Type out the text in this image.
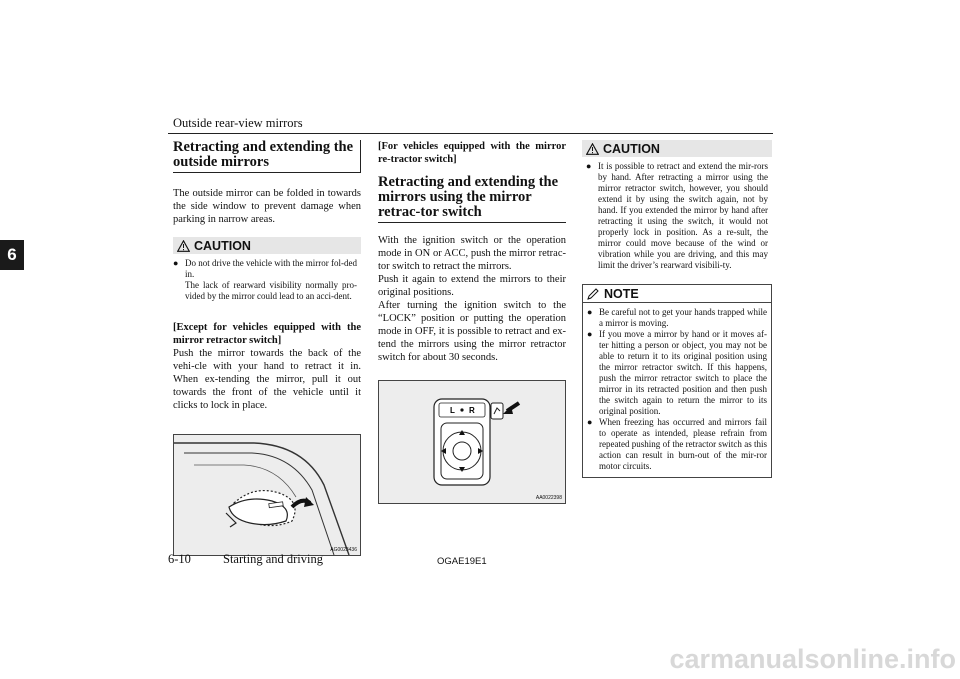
Outside rear-view mirrors
6
Retracting and extending the outside mirrors

The outside mirror can be folded in towards the side window to prevent damage when parking in narrow areas.

CAUTION
● Do not drive the vehicle with the mirror fol-ded in.
The lack of rearward visibility normally pro-vided by the mirror could lead to an acci-dent.

[Except for vehicles equipped with the mirror retractor switch]

Push the mirror towards the back of the vehi-cle with your hand to retract it in. When ex-tending the mirror, pull it out towards the front of the vehicle until it clicks to lock in place.

AG0023436

[For vehicles equipped with the mirror re-tractor switch]

Retracting and extending the mirrors using the mirror retrac-tor switch

With the ignition switch or the operation mode in ON or ACC, push the mirror retrac-tor switch to retract the mirrors.

Push it again to extend the mirrors to their original positions.

After turning the ignition switch to the “LOCK” position or putting the operation mode in OFF, it is possible to retract and ex-tend the mirrors using the mirror retractor switch for about 30 seconds.

L R
AA0022398
CAUTION
● It is possible to retract and extend the mir-rors by hand. After retracting a mirror using the mirror retractor switch, however, you should extend it by using the switch again, not by hand. If you extended the mirror by hand after retracting it using the switch, it would not properly lock in position. As a re-sult, the mirror could move because of the wind or vibration while you are driving, and this may limit the driver’s rearward visibili-ty.
NOTE
● Be careful not to get your hands trapped while a mirror is moving.
● If you move a mirror by hand or it moves af-ter hitting a person or object, you may not be able to return it to its original position using the mirror retractor switch. If this happens, push the mirror retractor switch to place the mirror in its retracted position and then push the switch again to return the mirror to its original position.
● When freezing has occurred and mirrors fail to operate as intended, please refrain from repeated pushing of the retractor switch as this action can result in burn-out of the mir-ror motor circuits.
6-10	Starting and driving	OGAE19E1
carmanualsonline.info
